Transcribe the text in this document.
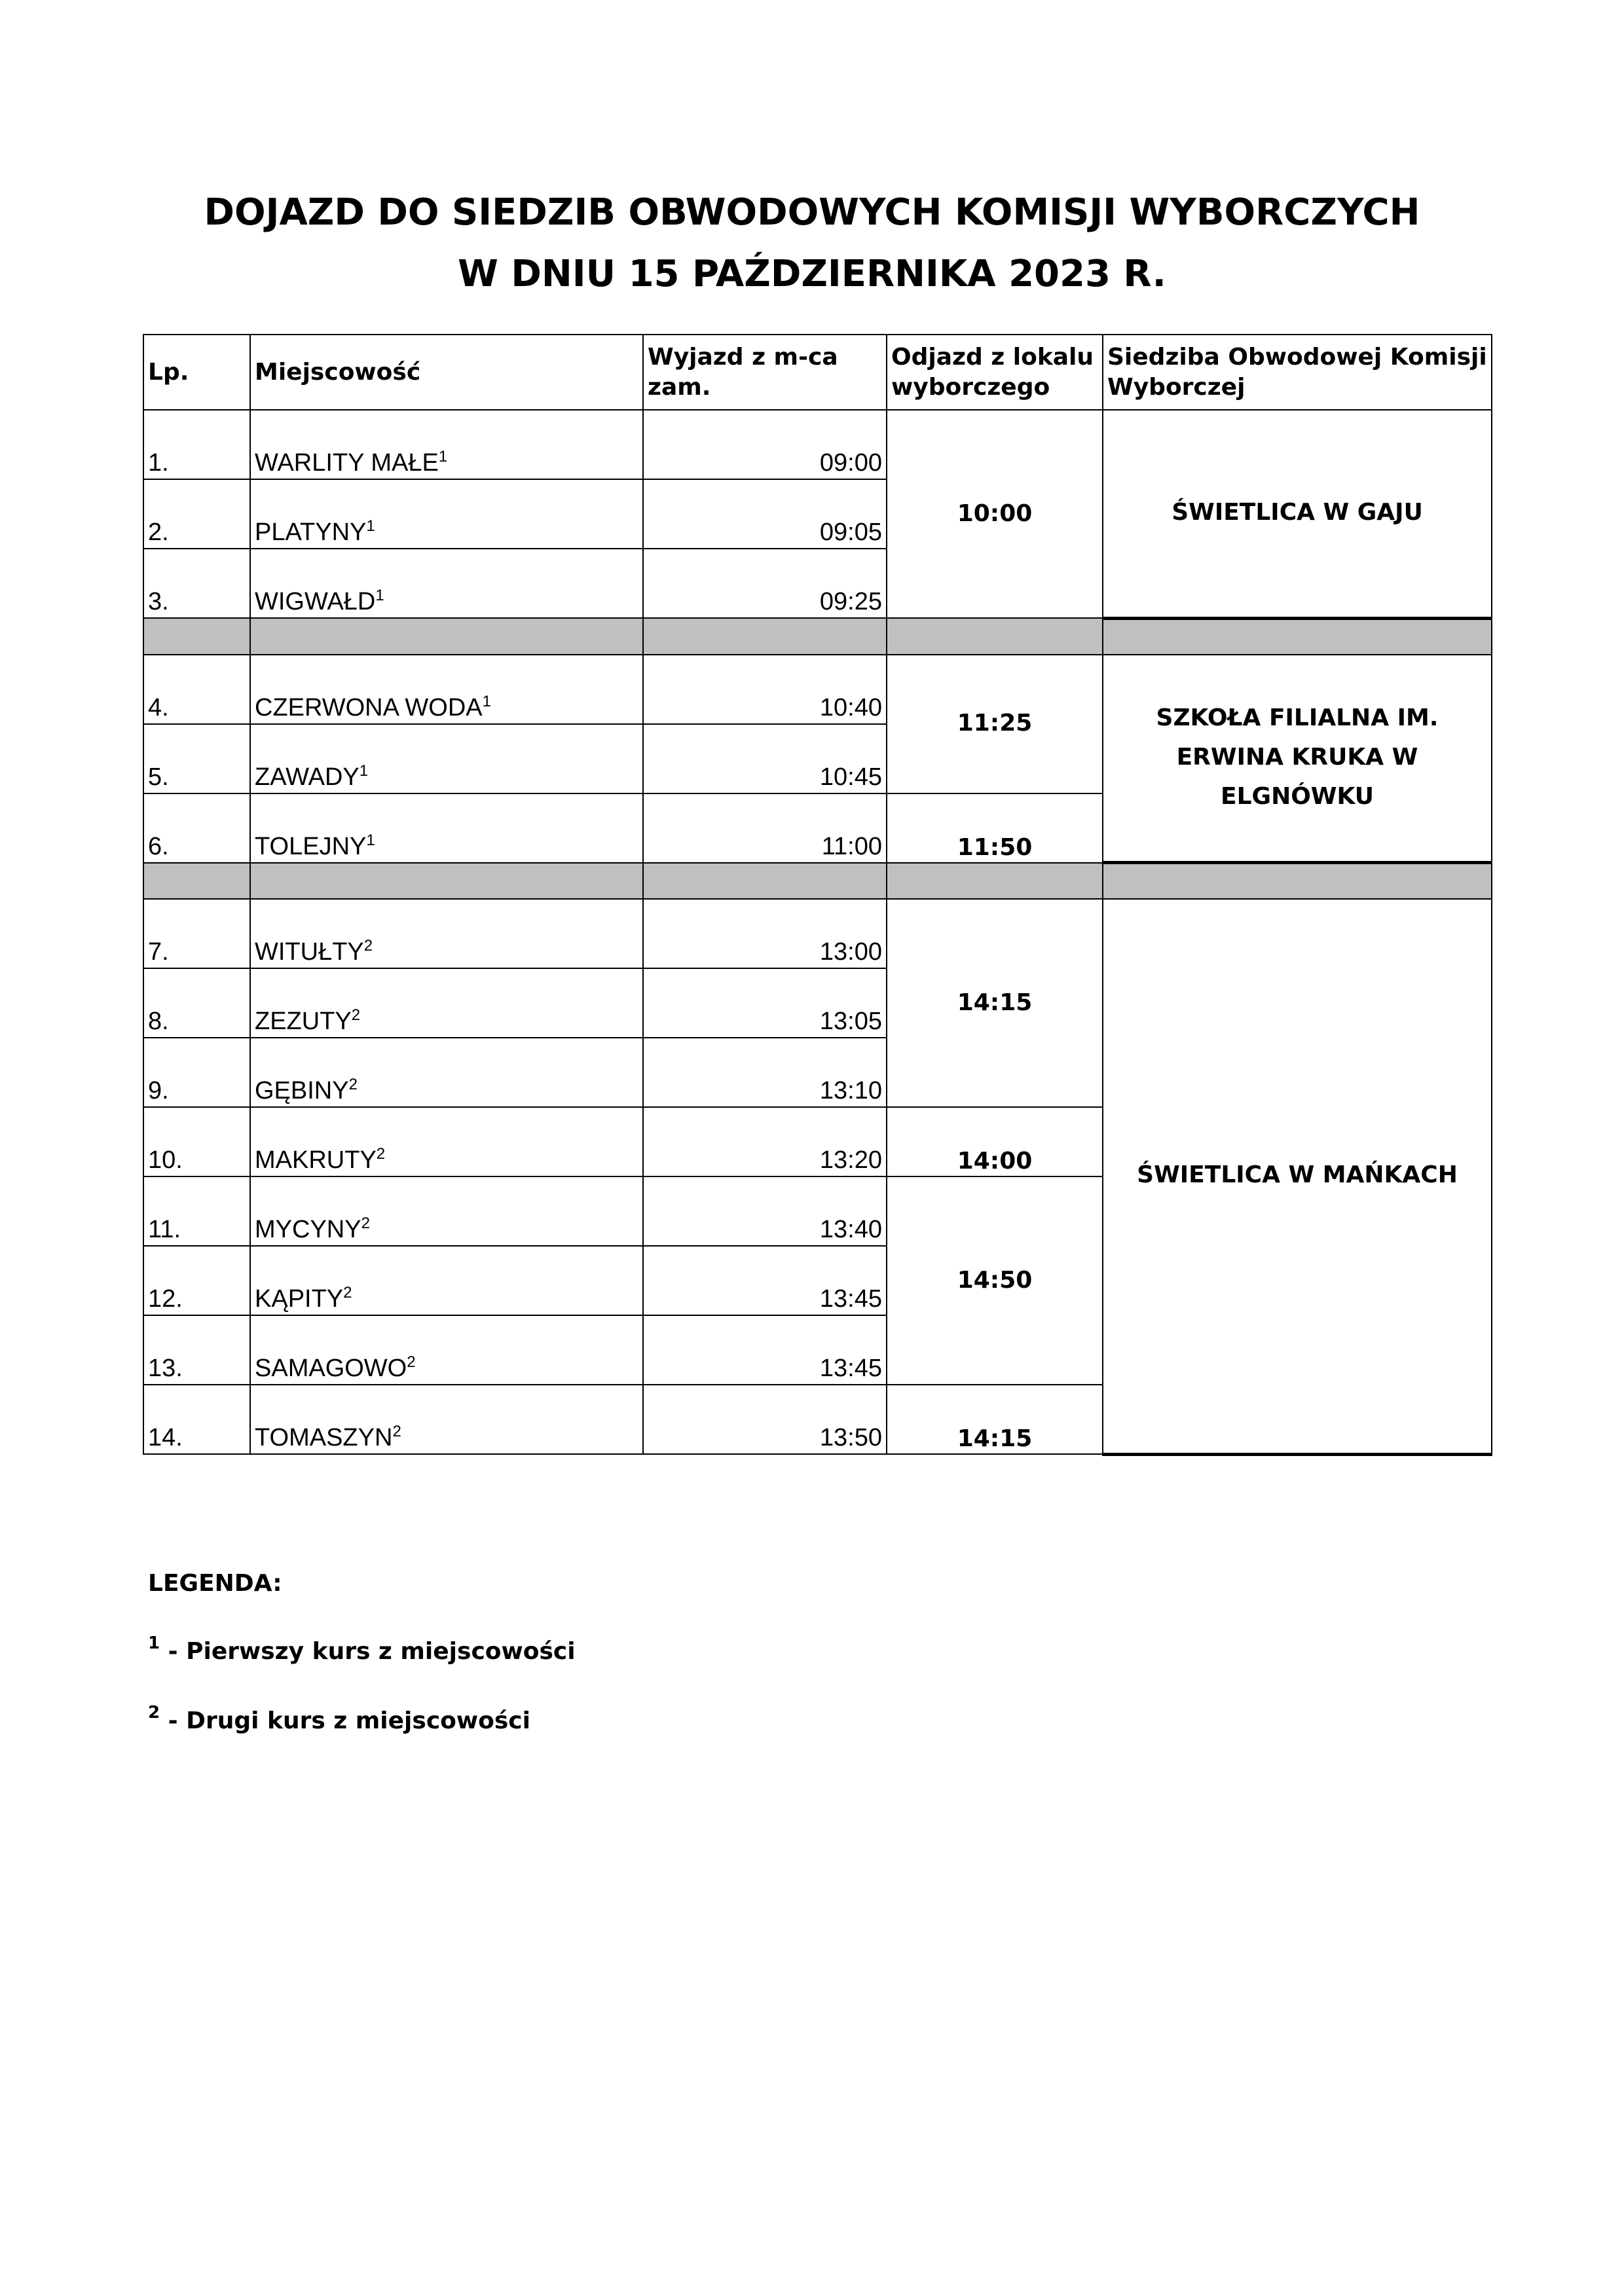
DOJAZD DO SIEDZIB OBWODOWYCH KOMISJI WYBORCZYCH
W DNIU 15 PAŹDZIERNIKA 2023 R.
Lp.	Miejscowość	Wyjazd z m-ca zam.	Odjazd z lokalu wyborczego	Siedziba Obwodowej Komisji Wyborczej
1.	WARLITY MAŁE$^1$	09:00	10:00	ŚWIETLICA W GAJU
2.	PLATYNY$^1$	09:05		
3.	WIGWAŁD$^1$	09:25		

4.	CZERWONA WODA$^1$	10:40	11:25	SZKOŁA FILIALNA IM. ERWINA KRUKA W ELGNÓWKU
5.	ZAWADY$^1$	10:45		
6.	TOLEJNY$^1$	11:00	11:50	

7.	WITUŁTY$^2$	13:00	14:15	ŚWIETLICA W MAŃKACH
8.	ZEZUTY$^2$	13:05		
9.	GĘBINY$^2$	13:10		
10.	MAKRUTY$^2$	13:20	14:00	
11.	MYCYNY$^2$	13:40	14:50	
12.	KĄPITY$^2$	13:45		
13.	SAMAGOWO$^2$	13:45		
14.	TOMASZYN$^2$	13:50	14:15	
LEGENDA:
$^1$ - Pierwszy kurs z miejscowości
$^2$ - Drugi kurs z miejscowości
